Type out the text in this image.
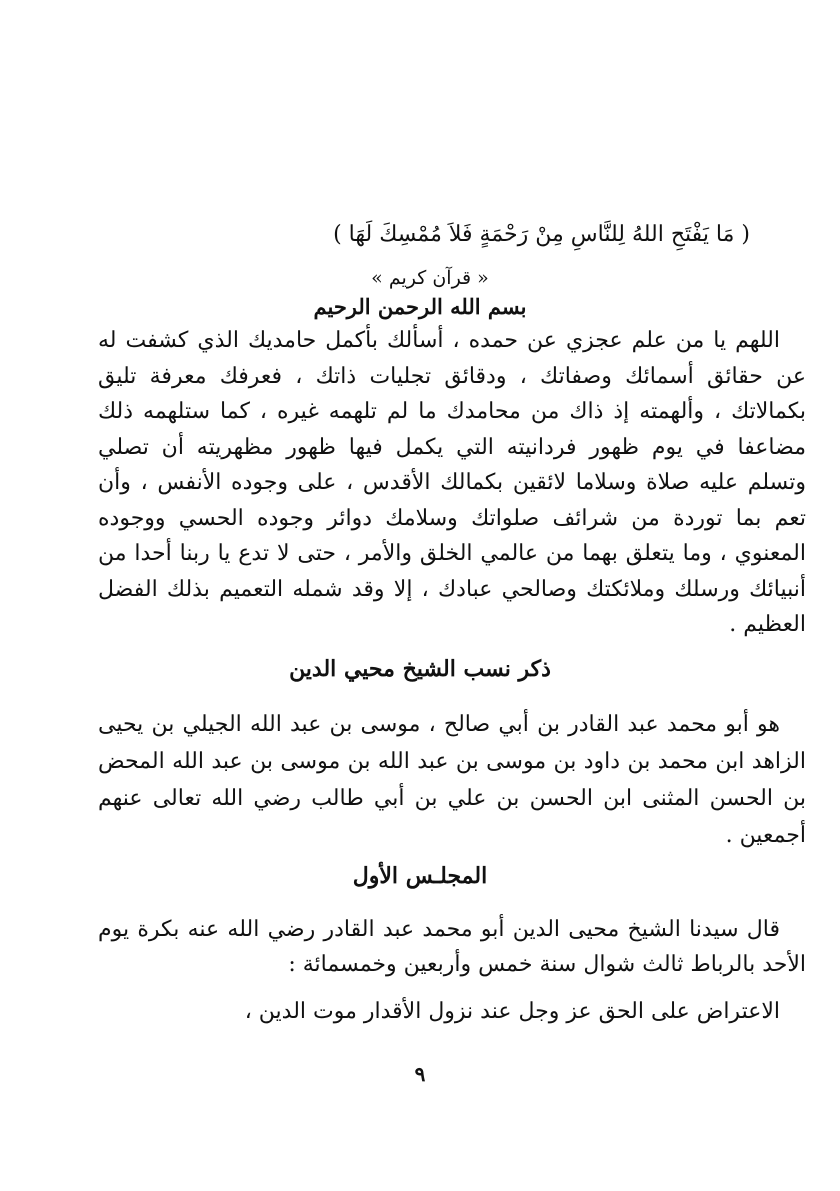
( مَا يَفْتَحِ اللهُ لِلنَّاسِ مِنْ رَحْمَةٍ فَلاَ مُمْسِكَ لَهَا )
« قرآن كريم »
بسم الله الرحمن الرحيم
اللهم يا من علم عجزي عن حمده ، أسألك بأكمل حامديك الذي كشفت له عن حقائق أسمائك وصفاتك ، ودقائق تجليات ذاتك ، فعرفك معرفة تليق بكمالاتك ، وألهمته إذ ذاك من محامدك ما لم تلهمه غيره ، كما ستلهمه ذلك مضاعفا في يوم ظهور فردانيته التي يكمل فيها ظهور مظهريته أن تصلي وتسلم عليه صلاة وسلاما لائقين بكمالك الأقدس ، على وجوده الأنفس ، وأن تعم بما توردة من شرائف صلواتك وسلامك دوائر وجوده الحسي ووجوده المعنوي ، وما يتعلق بهما من عالمي الخلق والأمر ، حتى لا تدع يا ربنا أحدا من أنبيائك ورسلك وملائكتك وصالحي عبادك ، إلا وقد شمله التعميم بذلك الفضل العظيم .
ذكر نسب الشيخ محيي الدين
هو أبو محمد عبد القادر بن أبي صالح ، موسى بن عبد الله الجيلي بن يحيى الزاهد ابن محمد بن داود بن موسى بن عبد الله بن موسى بن عبد الله المحض بن الحسن المثنى ابن الحسن بن علي بن أبي طالب رضي الله تعالى عنهم أجمعين .
المجلـس الأول
قال سيدنا الشيخ محيى الدين أبو محمد عبد القادر رضي الله عنه بكرة يوم الأحد بالرباط ثالث شوال سنة خمس وأربعين وخمسمائة :
الاعتراض على الحق عز وجل عند نزول الأقدار موت الدين ،
٩
